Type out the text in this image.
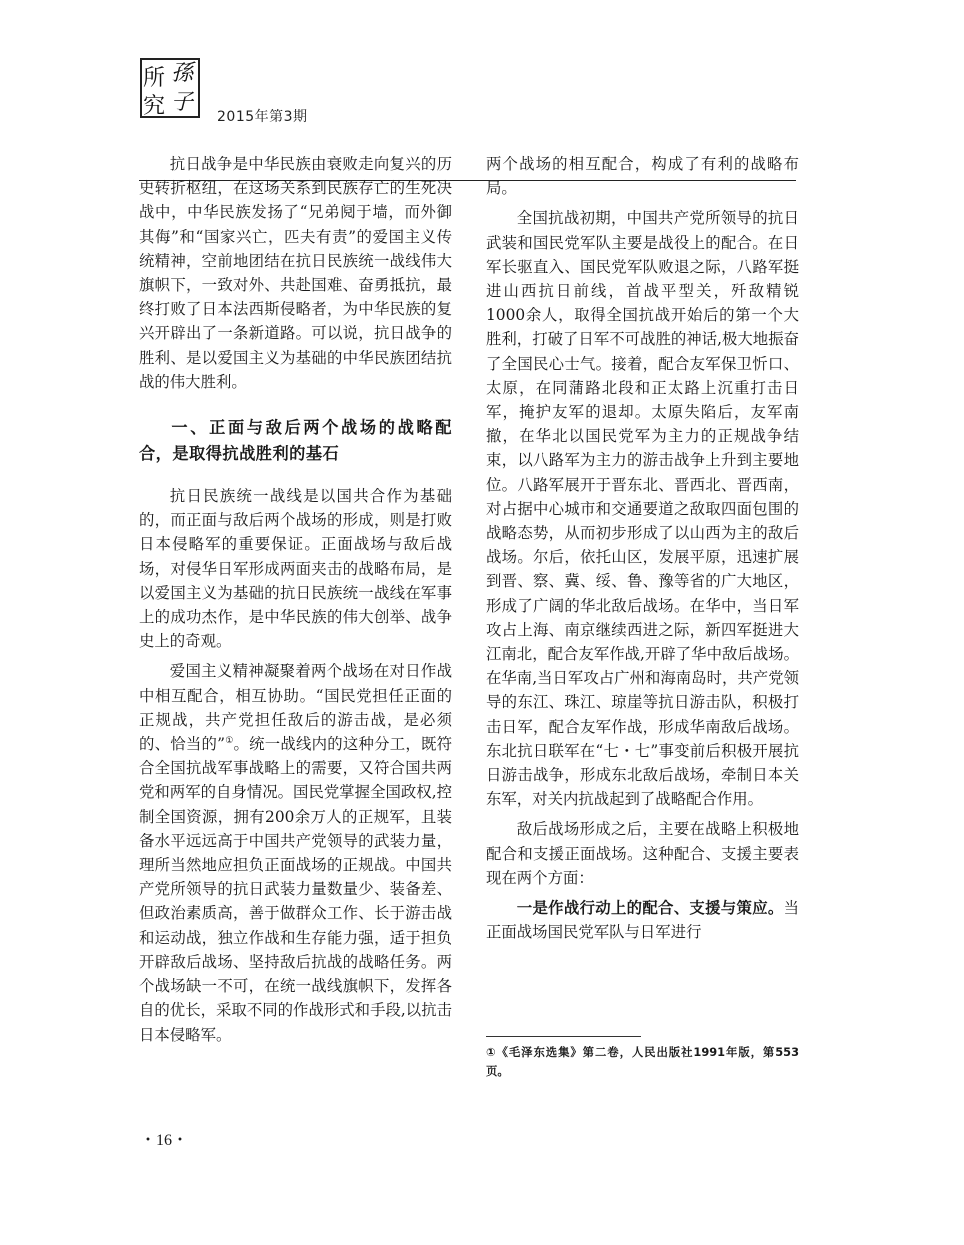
所 孫
究 子
2015年第3期

抗日战争是中华民族由衰败走向复兴的历史转折枢纽，在这场关系到民族存亡的生死决战中，中华民族发扬了“兄弟阋于墙，而外御其侮”和“国家兴亡，匹夫有责”的爱国主义传统精神，空前地团结在抗日民族统一战线伟大旗帜下，一致对外、共赴国难、奋勇抵抗，最终打败了日本法西斯侵略者，为中华民族的复兴开辟出了一条新道路。可以说，抗日战争的胜利、是以爱国主义为基础的中华民族团结抗战的伟大胜利。

一、正面与敌后两个战场的战略配合，是取得抗战胜利的基石

抗日民族统一战线是以国共合作为基础的，而正面与敌后两个战场的形成，则是打败日本侵略军的重要保证。正面战场与敌后战场，对侵华日军形成两面夹击的战略布局，是以爱国主义为基础的抗日民族统一战线在军事上的成功杰作，是中华民族的伟大创举、战争史上的奇观。

爱国主义精神凝聚着两个战场在对日作战中相互配合，相互协助。“国民党担任正面的正规战，共产党担任敌后的游击战，是必须的、恰当的”①。统一战线内的这种分工，既符合全国抗战军事战略上的需要，又符合国共两党和两军的自身情况。国民党掌握全国政权,控制全国资源，拥有200余万人的正规军，且装备水平远远高于中国共产党领导的武装力量，理所当然地应担负正面战场的正规战。中国共产党所领导的抗日武装力量数量少、装备差、但政治素质高，善于做群众工作、长于游击战和运动战，独立作战和生存能力强，适于担负开辟敌后战场、坚持敌后抗战的战略任务。两个战场缺一不可，在统一战线旗帜下，发挥各自的优长，采取不同的作战形式和手段,以抗击日本侵略军。

两个战场的相互配合，构成了有利的战略布局。

全国抗战初期，中国共产党所领导的抗日武装和国民党军队主要是战役上的配合。在日军长驱直入、国民党军队败退之际，八路军挺进山西抗日前线，首战平型关，歼敌精锐1000余人，取得全国抗战开始后的第一个大胜利，打破了日军不可战胜的神话,极大地振奋了全国民心士气。接着，配合友军保卫忻口、太原，在同蒲路北段和正太路上沉重打击日军，掩护友军的退却。太原失陷后，友军南撤，在华北以国民党军为主力的正规战争结束，以八路军为主力的游击战争上升到主要地位。八路军展开于晋东北、晋西北、晋西南，对占据中心城市和交通要道之敌取四面包围的战略态势，从而初步形成了以山西为主的敌后战场。尔后，依托山区，发展平原，迅速扩展到晋、察、冀、绥、鲁、豫等省的广大地区，形成了广阔的华北敌后战场。在华中，当日军攻占上海、南京继续西进之际，新四军挺进大江南北，配合友军作战,开辟了华中敌后战场。在华南,当日军攻占广州和海南岛时，共产党领导的东江、珠江、琼崖等抗日游击队，积极打击日军，配合友军作战，形成华南敌后战场。东北抗日联军在“七・七”事变前后积极开展抗日游击战争，形成东北敌后战场，牵制日本关东军，对关内抗战起到了战略配合作用。

敌后战场形成之后，主要在战略上积极地配合和支援正面战场。这种配合、支援主要表现在两个方面：

一是作战行动上的配合、支援与策应。当正面战场国民党军队与日军进行

①《毛泽东选集》第二卷，人民出版社1991年版，第553页。
・16・
